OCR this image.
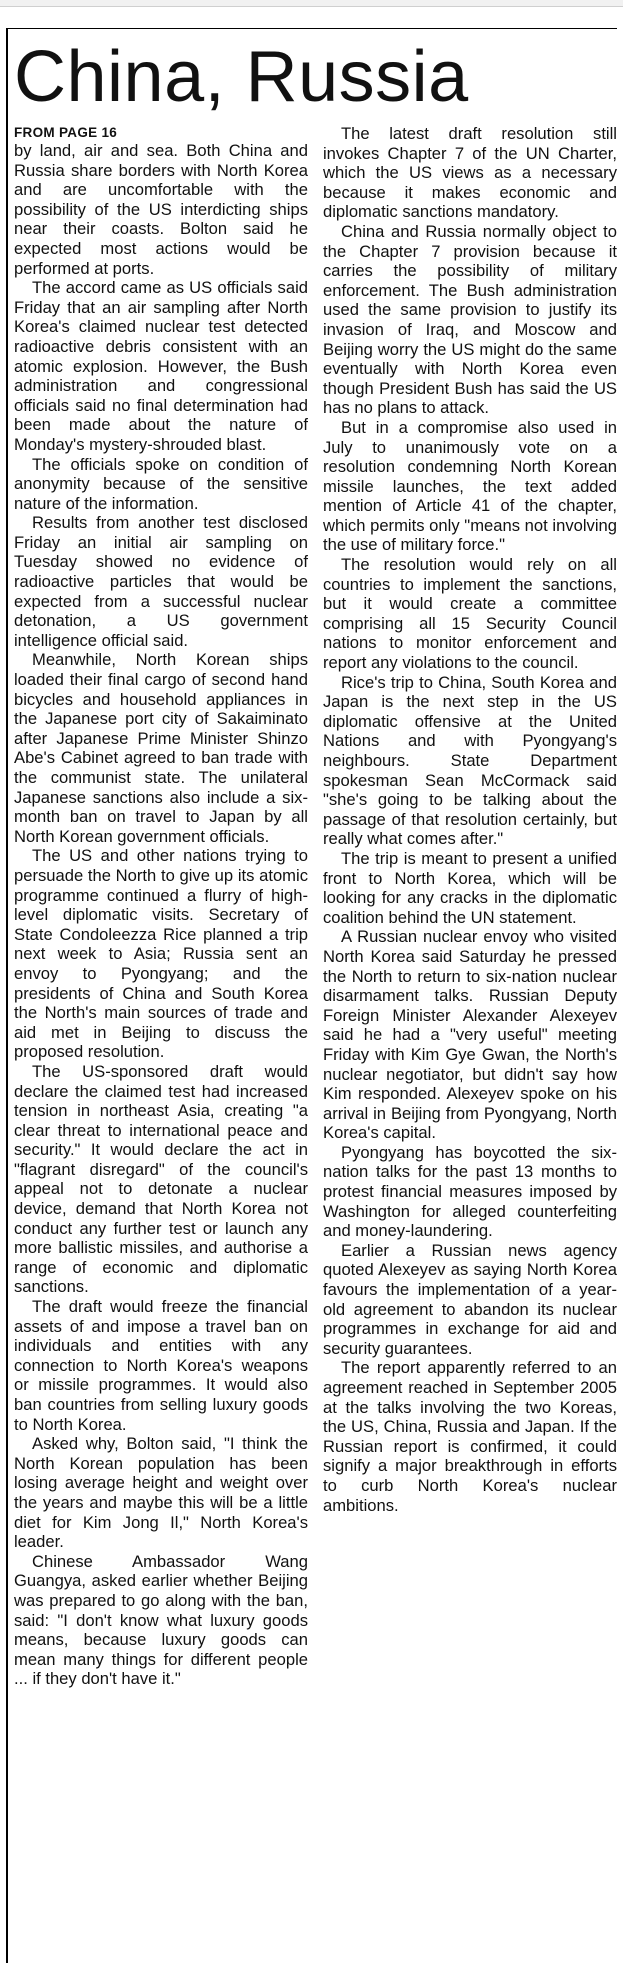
China, Russia
FROM PAGE 16

by land, air and sea. Both China and Russia share borders with North Korea and are uncomfortable with the possibility of the US interdicting ships near their coasts. Bolton said he expected most actions would be performed at ports.

The accord came as US officials said Friday that an air sampling after North Korea's claimed nuclear test detected radioactive debris consistent with an atomic explosion. However, the Bush administration and congressional officials said no final determination had been made about the nature of Monday's mystery-shrouded blast.

The officials spoke on condition of anonymity because of the sensitive nature of the information.

Results from another test disclosed Friday an initial air sampling on Tuesday showed no evidence of radioactive particles that would be expected from a successful nuclear detonation, a US government intelligence official said.

Meanwhile, North Korean ships loaded their final cargo of second hand bicycles and household appliances in the Japanese port city of Sakaiminato after Japanese Prime Minister Shinzo Abe's Cabinet agreed to ban trade with the communist state. The unilateral Japanese sanctions also include a six-month ban on travel to Japan by all North Korean government officials.

The US and other nations trying to persuade the North to give up its atomic programme continued a flurry of high-level diplomatic visits. Secretary of State Condoleezza Rice planned a trip next week to Asia; Russia sent an envoy to Pyongyang; and the presidents of China and South Korea the North's main sources of trade and aid met in Beijing to discuss the proposed resolution.

The US-sponsored draft would declare the claimed test had increased tension in northeast Asia, creating "a clear threat to international peace and security." It would declare the act in "flagrant disregard" of the council's appeal not to detonate a nuclear device, demand that North Korea not conduct any further test or launch any more ballistic missiles, and authorise a range of economic and diplomatic sanctions.

The draft would freeze the financial assets of and impose a travel ban on individuals and entities with any connection to North Korea's weapons or missile programmes. It would also ban countries from selling luxury goods to North Korea.

Asked why, Bolton said, "I think the North Korean population has been losing average height and weight over the years and maybe this will be a little diet for Kim Jong Il," North Korea's leader.

Chinese Ambassador Wang Guangya, asked earlier whether Beijing was prepared to go along with the ban, said: "I don't know what luxury goods means, because luxury goods can mean many things for different people ... if they don't have it."

The latest draft resolution still invokes Chapter 7 of the UN Charter, which the US views as a necessary because it makes economic and diplomatic sanctions mandatory.

China and Russia normally object to the Chapter 7 provision because it carries the possibility of military enforcement. The Bush administration used the same provision to justify its invasion of Iraq, and Moscow and Beijing worry the US might do the same eventually with North Korea even though President Bush has said the US has no plans to attack.

But in a compromise also used in July to unanimously vote on a resolution condemning North Korean missile launches, the text added mention of Article 41 of the chapter, which permits only "means not involving the use of military force."

The resolution would rely on all countries to implement the sanctions, but it would create a committee comprising all 15 Security Council nations to monitor enforcement and report any violations to the council.

Rice's trip to China, South Korea and Japan is the next step in the US diplomatic offensive at the United Nations and with Pyongyang's neighbours. State Department spokesman Sean McCormack said "she's going to be talking about the passage of that resolution certainly, but really what comes after."

The trip is meant to present a unified front to North Korea, which will be looking for any cracks in the diplomatic coalition behind the UN statement.

A Russian nuclear envoy who visited North Korea said Saturday he pressed the North to return to six-nation nuclear disarmament talks. Russian Deputy Foreign Minister Alexander Alexeyev said he had a "very useful" meeting Friday with Kim Gye Gwan, the North's nuclear negotiator, but didn't say how Kim responded. Alexeyev spoke on his arrival in Beijing from Pyongyang, North Korea's capital.

Pyongyang has boycotted the six-nation talks for the past 13 months to protest financial measures imposed by Washington for alleged counterfeiting and money-laundering.

Earlier a Russian news agency quoted Alexeyev as saying North Korea favours the implementation of a year-old agreement to abandon its nuclear programmes in exchange for aid and security guarantees.

The report apparently referred to an agreement reached in September 2005 at the talks involving the two Koreas, the US, China, Russia and Japan. If the Russian report is confirmed, it could signify a major breakthrough in efforts to curb North Korea's nuclear ambitions.
